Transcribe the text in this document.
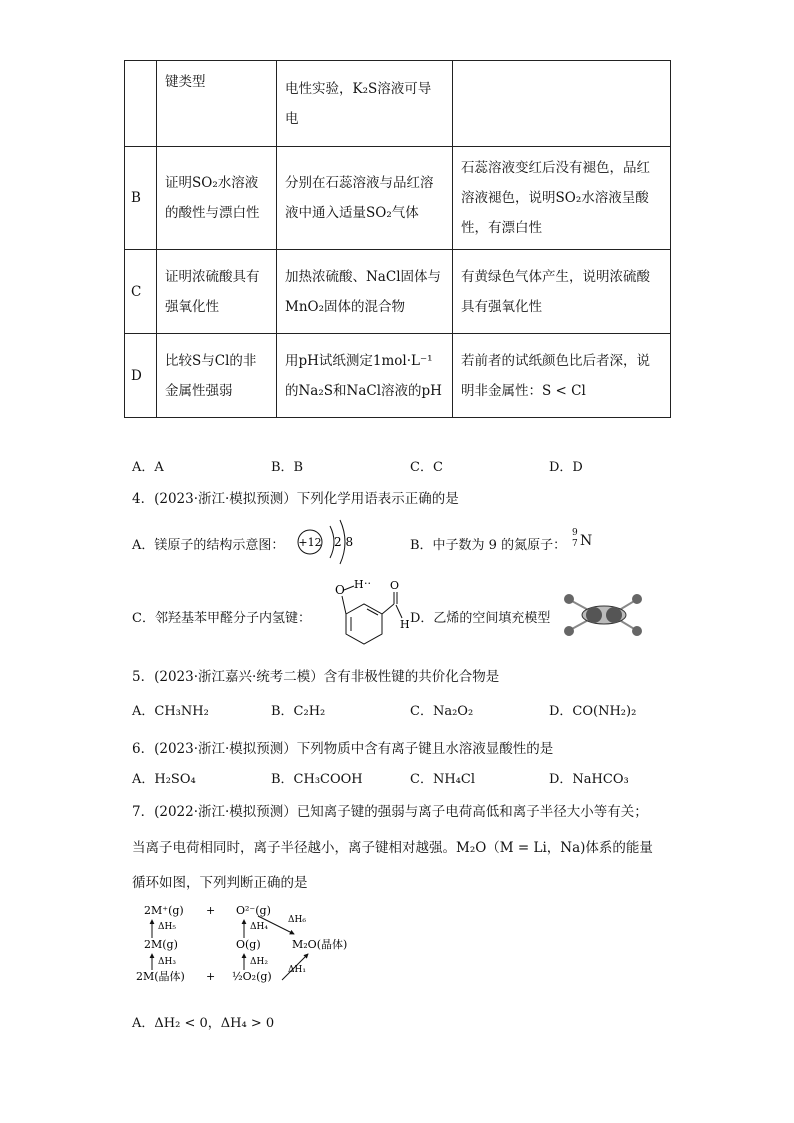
	键类型	电性实验，K₂S溶液可导电	
B	证明SO₂水溶液的酸性与漂白性	分别在石蕊溶液与品红溶液中通入适量SO₂气体	石蕊溶液变红后没有褪色，品红溶液褪色，说明SO₂水溶液呈酸性，有漂白性
C	证明浓硫酸具有强氧化性	加热浓硫酸、NaCl固体与MnO₂固体的混合物	有黄绿色气体产生，说明浓硫酸具有强氧化性
D	比较S与Cl的非金属性强弱	用pH试纸测定1mol·L⁻¹的Na₂S和NaCl溶液的pH	若前者的试纸颜色比后者深，说明非金属性：S < Cl
A．A	B．B	C．C	D．D
4．(2023·浙江·模拟预测）下列化学用语表示正确的是
A．镁原子的结构示意图： +12 2 8	B．中子数为 9 的氮原子：
9
7 N
C．邻羟基苯甲醛分子内氢键：
O H ·· O
H D．乙烯的空间填充模型
5．(2023·浙江嘉兴·统考二模）含有非极性键的共价化合物是
A．CH₃NH₂	B．C₂H₂	C．Na₂O₂	D．CO(NH₂)₂
6．(2023·浙江·模拟预测）下列物质中含有离子键且水溶液显酸性的是
A．H₂SO₄	B．CH₃COOH	C．NH₄Cl	D．NaHCO₃
7．(2022·浙江·模拟预测）已知离子键的强弱与离子电荷高低和离子半径大小等有关；
当离子电荷相同时，离子半径越小，离子键相对越强。M₂O（M = Li，Na)体系的能量
循环如图，下列判断正确的是
2M⁺(g) + O²⁻(g)
ΔH₅	ΔH₄
ΔH₆
2M(g)	O(g)	M₂O(晶体)
ΔH₃	ΔH₂
ΔH₁
2M(晶体) + ½O₂(g)
A．ΔH₂ < 0，ΔH₄ > 0
